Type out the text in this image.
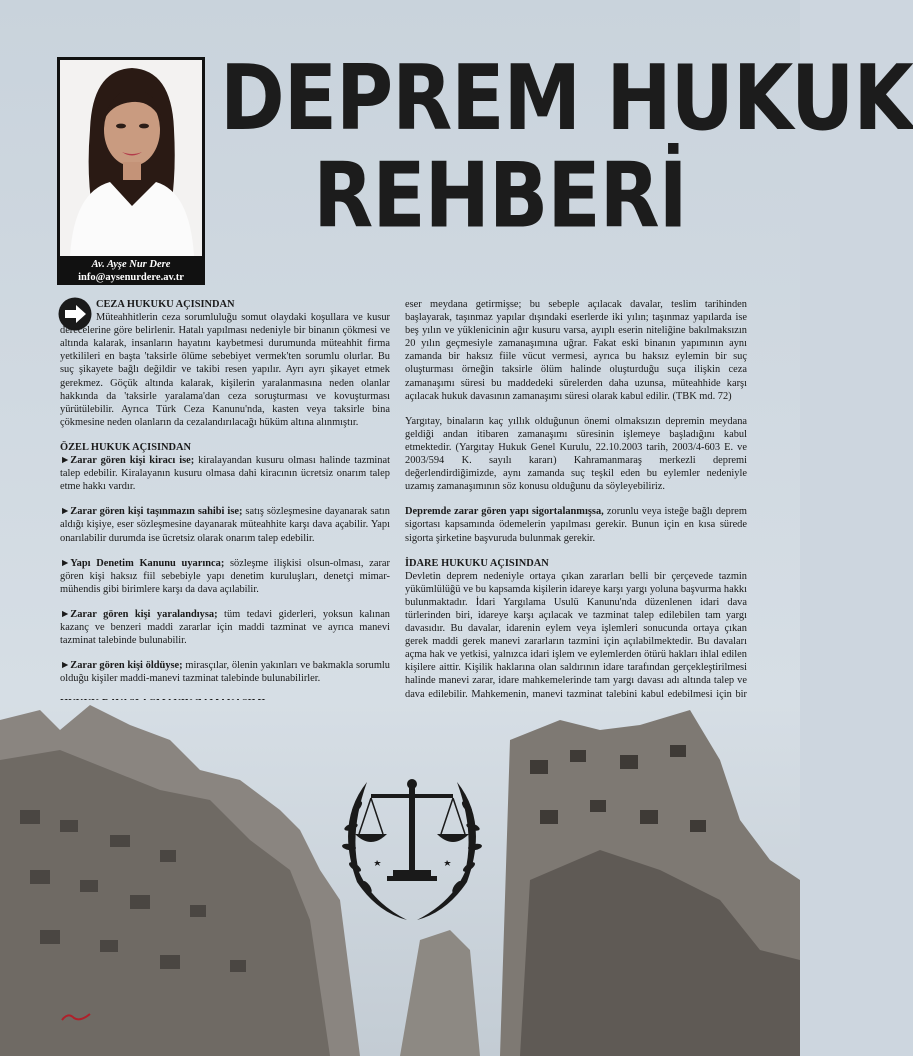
Av. Ayşe Nur Dere
info@aysenurdere.av.tr
DEPREM HUKUK
REHBERİ
CEZA HUKUKU AÇISINDAN

Müteahhitlerin ceza sorumluluğu somut olaydaki koşullara ve kusur derecelerine göre belirlenir. Hatalı yapılması nedeniyle bir binanın çökmesi ve altında kalarak, insanların hayatını kaybetmesi durumunda müteahhit firma yetkilileri en başta 'taksirle ölüme sebebiyet vermek'ten sorumlu olurlar. Bu suç şikayete bağlı değildir ve takibi resen yapılır. Ayrı ayrı şikayet etmek gerekmez. Göçük altında kalarak, kişilerin yaralanmasına neden olanlar hakkında da 'taksirle yaralama'dan ceza soruşturması ve kovuşturması yürütülebilir. Ayrıca Türk Ceza Kanunu'nda, kasten veya taksirle bina çökmesine neden olanların da cezalandırılacağı hüküm altına alınmıştır.

ÖZEL HUKUK AÇISINDAN

►Zarar gören kişi kiracı ise; kiralayandan kusuru olması halinde tazminat talep edebilir. Kiralayanın kusuru olmasa dahi kiracının ücretsiz onarım talep etme hakkı vardır.

►Zarar gören kişi taşınmazın sahibi ise; satış sözleşmesine dayanarak satın aldığı kişiye, eser sözleşmesine dayanarak müteahhite karşı dava açabilir. Yapı onarılabilir durumda ise ücretsiz olarak onarım talep edebilir.

►Yapı Denetim Kanunu uyarınca; sözleşme ilişkisi olsun-olması, zarar gören kişi haksız fiil sebebiyle yapı denetim kuruluşları, denetçi mimar-mühendis gibi birimlere karşı da dava açılabilir.

►Zarar gören kişi yaralandıysa; tüm tedavi giderleri, yoksun kalınan kazanç ve benzeri maddi zararlar için maddi tazminat ve ayrıca manevi tazminat talebinde bulunabilir.

►Zarar gören kişi öldüyse; mirasçılar, ölenin yakınları ve bakmakla sorumlu olduğu kişiler maddi-manevi tazminat talebinde bulunabilirler.

eser meydana getirmişse; bu sebeple açılacak davalar, teslim tarihinden başlayarak, taşınmaz yapılar dışındaki eserlerde iki yılın; taşınmaz yapılarda ise beş yılın ve yüklenicinin ağır kusuru varsa, ayıplı eserin niteliğine bakılmaksızın 20 yılın geçmesiyle zamanaşımına uğrar. Fakat eski binanın yapımının aynı zamanda bir haksız fiile vücut vermesi, ayrıca bu haksız eylemin bir suç oluşturması örneğin taksirle ölüm halinde oluşturduğu suça ilişkin ceza zamanaşımı süresi bu maddedeki sürelerden daha uzunsa, müteahhide karşı açılacak hukuk davasının zamanaşımı süresi olarak kabul edilir. (TBK md. 72)

Yargıtay, binaların kaç yıllık olduğunun önemi olmaksızın depremin meydana geldiği andan itibaren zamanaşımı süresinin işlemeye başladığını kabul etmektedir. (Yargıtay Hukuk Genel Kurulu, 22.10.2003 tarih, 2003/4-603 E. ve 2003/594 K. sayılı kararı) Kahramanmaraş merkezli depremi değerlendirdiğimizde, aynı zamanda suç teşkil eden bu eylemler nedeniyle uzamış zamanaşımının söz konusu olduğunu da söyleyebiliriz.

Depremde zarar gören yapı sigortalanmışsa, zorunlu veya isteğe bağlı deprem sigortası kapsamında ödemelerin yapılması gerekir. Bunun için en kısa sürede sigorta şirketine başvuruda bulunmak gerekir.

İDARE HUKUKU AÇISINDAN

Devletin deprem nedeniyle ortaya çıkan zararları belli bir çerçevede tazmin yükümlülüğü ve bu kapsamda kişilerin idareye karşı yargı yoluna başvurma hakkı bulunmaktadır. İdari Yargılama Usulü Kanunu'nda düzenlenen idari dava türlerinden biri, idareye karşı açılacak ve tazminat talep edilebilen tam yargı davasıdır. Bu davalar, idarenin eylem veya işlemleri sonucunda ortaya çıkan gerek maddi gerek manevi zararların tazmini için açılabilmektedir. Bu davaları açma hak ve yetkisi, yalnızca idari işlem ve eylemlerden ötürü hakları ihlal edilen kişilere aittir. Kişilik haklarına olan saldırının idare tarafından gerçekleştirilmesi halinde manevi zarar, idare mahkemelerinde tam yargı davası adı altında talep ve dava edilebilir. Mahkemenin, manevi tazminat talebini kabul edebilmesi için bir
